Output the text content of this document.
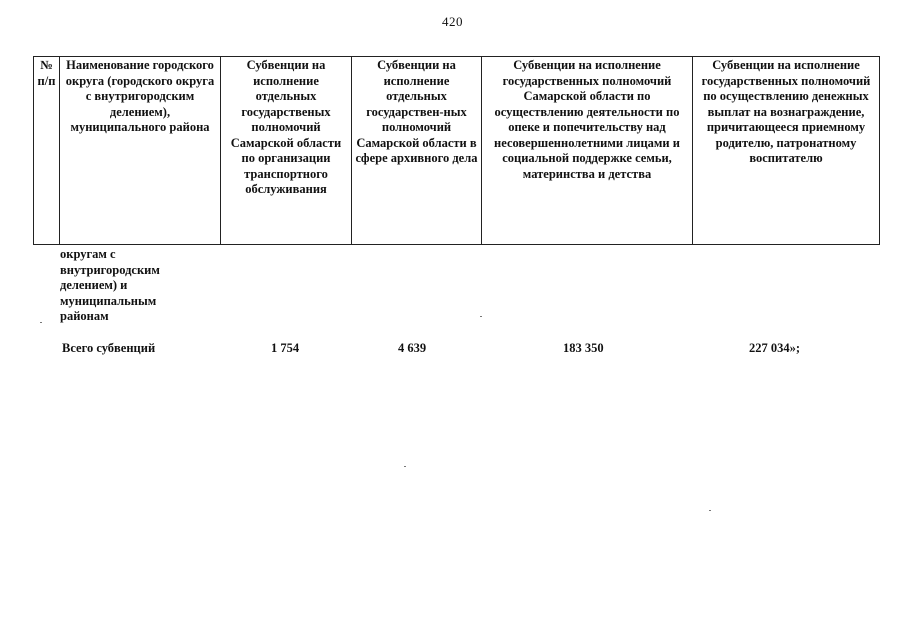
420
№ п/п	Наименование городского округа (городского округа с внутригородским делением), муниципального района	Субвенции на исполнение отдельных государственых полномочий Самарской области по организации транспортного обслуживания	Субвенции на исполнение отдельных государствен-ных полномочий Самарской области в сфере архивного дела	Субвенции на исполнение государственных полномочий Самарской области по осуществлению деятельности по опеке и попечительству над несовершеннолетними лицами и социальной поддержке семьи, материнства и детства	Субвенции на исполнение государственных полномочий по осуществлению денежных выплат на вознаграждение, причитающееся приемному родителю, патронатному воспитателю
округам с внутригородским делением) и муниципальным районам
Всего субвенций	1 754	4 639	183 350	227 034»;
